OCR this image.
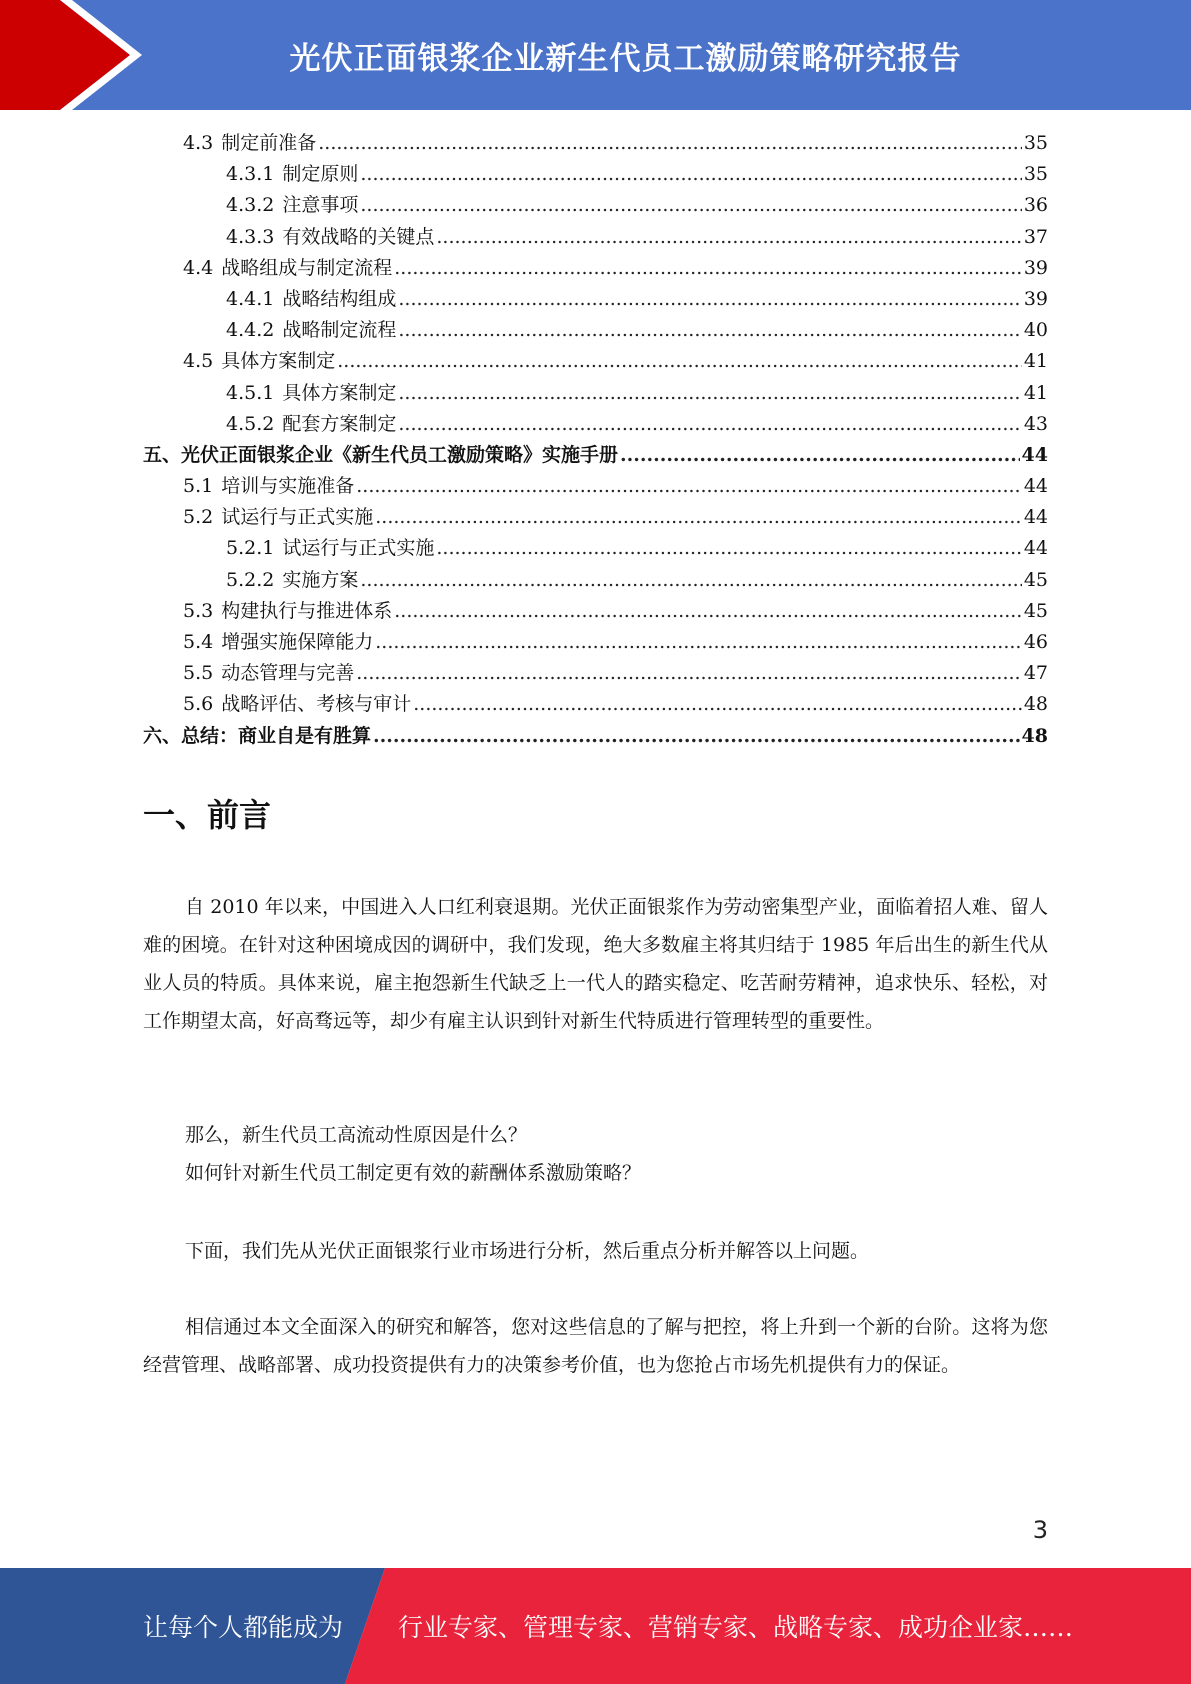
光伏正面银浆企业新生代员工激励策略研究报告
4.3 制定前准备 .....	35
4.3.1 制定原则 .....	35
4.3.2 注意事项 .....	36
4.3.3 有效战略的关键点 .....	37
4.4 战略组成与制定流程 .....	39
4.4.1 战略结构组成 .....	39
4.4.2 战略制定流程 .....	40
4.5 具体方案制定 .....	41
4.5.1 具体方案制定 .....	41
4.5.2 配套方案制定 .....	43
五、光伏正面银浆企业《新生代员工激励策略》实施手册 .....	44
5.1 培训与实施准备 .....	44
5.2 试运行与正式实施 .....	44
5.2.1 试运行与正式实施 .....	44
5.2.2 实施方案 .....	45
5.3 构建执行与推进体系 .....	45
5.4 增强实施保障能力 .....	46
5.5 动态管理与完善 .....	47
5.6 战略评估、考核与审计 .....	48
六、总结：商业自是有胜算 .....	48
一、前言

自 2010 年以来，中国进入人口红利衰退期。光伏正面银浆作为劳动密集型产业，面临着招人难、留人难的困境。在针对这种困境成因的调研中，我们发现，绝大多数雇主将其归结于 1985 年后出生的新生代从业人员的特质。具体来说，雇主抱怨新生代缺乏上一代人的踏实稳定、吃苦耐劳精神，追求快乐、轻松，对工作期望太高，好高骛远等，却少有雇主认识到针对新生代特质进行管理转型的重要性。

那么，新生代员工高流动性原因是什么？

如何针对新生代员工制定更有效的薪酬体系激励策略？

下面，我们先从光伏正面银浆行业市场进行分析，然后重点分析并解答以上问题。

相信通过本文全面深入的研究和解答，您对这些信息的了解与把控，将上升到一个新的台阶。这将为您经营管理、战略部署、成功投资提供有力的决策参考价值，也为您抢占市场先机提供有力的保证。

3
让每个人都能成为 行业专家、管理专家、营销专家、战略专家、成功企业家……
